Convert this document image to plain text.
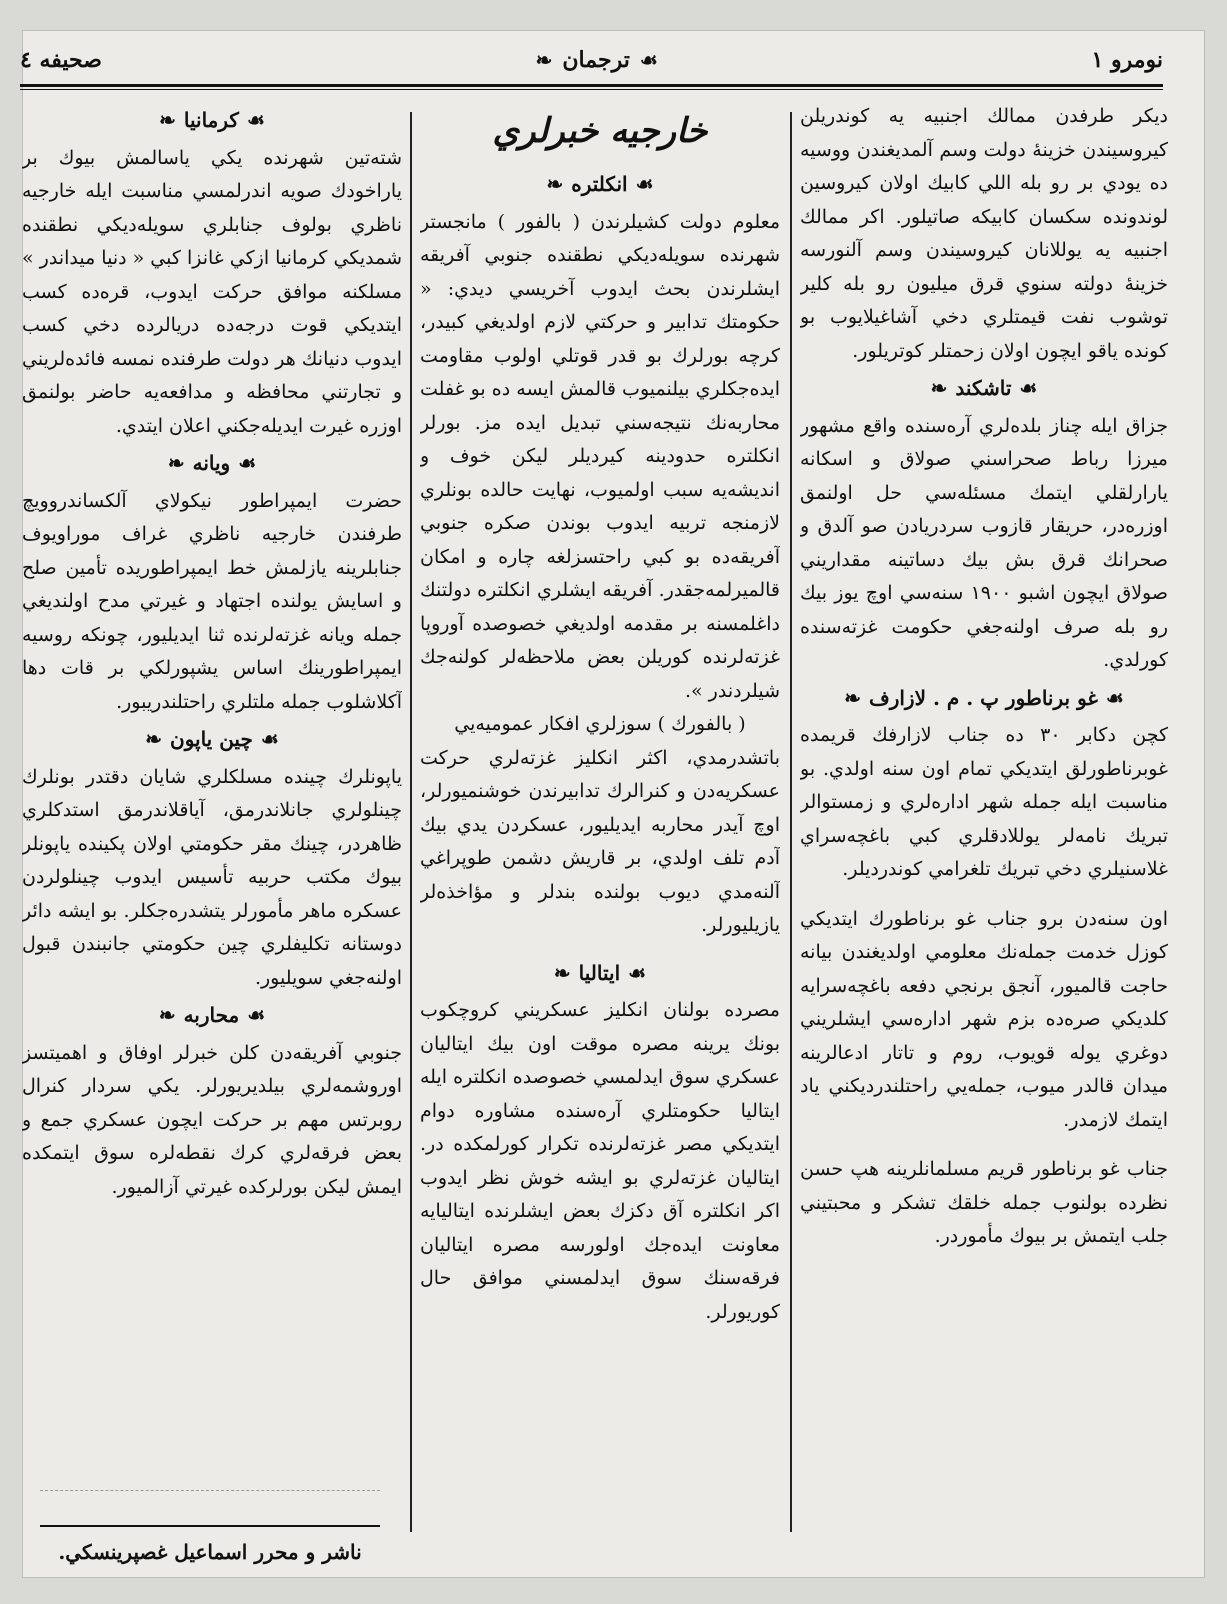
نومرو ١
☙
ترجمان
❧
صحيفه ٤

ديكر طرفدن ممالك اجنبيه يه كوندريلن كيروسيندن خزينهٔ دولت وسم آلمديغندن ووسيه ده يودي بر رو بله اللي كابيك اولان كيروسين لوندونده سكسان كابيكه صاتيلور. اكر ممالك اجنبيه يه يوللانان كيروسيندن وسم آلنورسه خزينهٔ دولته سنوي قرق ميليون رو بله كلير توشوب نفت قيمتلري دخي آشاغيلايوب بو كونده ياقو ايچون اولان زحمتلر كوتريلور.

☙
تاشكند
❧

جزاق ايله چناز بلده‌لري آره‌سنده واقع مشهور ميرزا رباط صحراسني صولاق و اسكانه يارارلقلي ايتمك مسئله‌سي حل اولنمق اوزره‌در، حريقار قازوب سردريادن صو آلدق و صحرانك قرق بش بيك دساتينه مقداريني صولاق ايچون اشبو ١٩٠٠ سنه‌سي اوچ يوز بيك رو بله صرف اولنه‌جغي حكومت غزته‌سنده كورلدي.

☙
غو برناطور پ . م . لازارف
❧

كچن دكابر ٣٠ ده جناب لازارفك قريمده غوبرناطورلق ايتديكي تمام اون سنه اولدي. بو مناسبت ايله جمله شهر اداره‌لري و زمستوالر تبريك نامه‌لر يوللادقلري كبي باغچه‌سراي غلاسنيلري دخي تبريك تلغرامي كوندرديلر.

اون سنه‌دن برو جناب غو برناطورك ايتديكي كوزل خدمت جمله‌نك معلومي اولديغندن بيانه حاجت قالميور، آنجق برنجي دفعه باغچه‌سرايه كلديكي صره‌ده بزم شهر اداره‌سي ايشلريني دوغري يوله قويوب، روم و تاتار ادعالرينه ميدان قالدر ميوب، جمله‌يي راحتلندرديكني ياد ايتمك لازمدر.

جناب غو برناطور قريم مسلمانلرينه هپ حسن نظرده بولنوب جمله خلقك تشكر و محبتيني جلب ايتمش بر بيوك مأموردر.

خارجيه خبرلري
☙
انكلتره
❧

معلوم دولت كشيلرندن ( بالفور ) مانجستر شهرنده سويله‌ديكي نطقنده جنوبي آفريقه ايشلرندن بحث ايدوب آخريسي ديدي: « حكومتك تدابير و حركتي لازم اولديغي كبيدر، كرچه بورلرك بو قدر قوتلي اولوب مقاومت ايده‌جكلري بيلنميوب قالمش ايسه ده بو غفلت محاربه‌نك نتيجه‌سني تبديل ايده مز. بورلر انكلتره حدودينه كيرديلر ليكن خوف و انديشه‌يه سبب اولميوب، نهايت حالده بونلري لازمنجه تربيه ايدوب بوندن صكره جنوبي آفريقه‌ده بو كبي راحتسزلغه چاره و امكان قالميرلمه‌جقدر. آفريقه ايشلري انكلتره دولتنك داغلمسنه بر مقدمه اولديغي خصوصده آوروپا غزته‌لرنده كوريلن بعض ملاحظه‌لر كولنه‌جك شيلردندر ».

( بالفورك ) سوزلري افكار عموميه‌يي

باتشدرمدي، اكثر انكليز غزته‌لري حركت عسكريه‌دن و كنرالرك تدابيرندن خوشنميورلر، اوچ آيدر محاربه ايديليور، عسكردن يدي بيك آدم تلف اولدي، بر قاريش دشمن طوپراغي آلنه‌مدي ديوب بولنده بندلر و مؤاخذه‌لر يازيليورلر.

☙
ايتاليا
❧

مصرده بولنان انكليز عسكريني كروچكوب بونك يرينه مصره موقت اون بيك ايتاليان عسكري سوق ايدلمسي خصوصده انكلتره ايله ايتاليا حكومتلري آره‌سنده مشاوره دوام ايتديكي مصر غزته‌لرنده تكرار كورلمكده در. ايتاليان غزته‌لري بو ايشه خوش نظر ايدوب اكر انكلتره آق دكزك بعض ايشلرنده ايتاليايه معاونت ايده‌جك اولورسه مصره ايتاليان فرقه‌سنك سوق ايدلمسني موافق حال كوريورلر.

☙
كرمانيا
❧

شته‌تين شهرنده يكي ياسالمش بيوك بر ياراخودك صويه اندرلمسي مناسبت ايله خارجيه ناظري بولوف جنابلري سويله‌ديكي نطقنده شمديكي كرمانيا ازكي غانزا كبي « دنيا ميداندر » مسلكنه موافق حركت ايدوب، قره‌ده كسب ايتديكي قوت درجه‌ده دريالرده دخي كسب ايدوب دنيانك هر دولت طرفنده نمسه فائده‌لريني و تجارتني محافظه و مدافعه‌يه حاضر بولنمق اوزره غيرت ايديله‌جكني اعلان ايتدي.

☙
ويانه
❧

حضرت ايمپراطور نيكولاي آلكساندروويچ طرفندن خارجيه ناظري غراف موراويوف جنابلرينه يازلمش خط ايمپراطوريده تأمين صلح و اسايش يولنده اجتهاد و غيرتي مدح اولنديغي جمله ويانه غزته‌لرنده ثنا ايديليور، چونكه روسيه ايمپراطورينك اساس يشپورلكي بر قات دها آكلاشلوب جمله ملتلري راحتلندريبور.

☙
چين ياپون
❧

ياپونلرك چينده مسلكلري شايان دقتدر بونلرك چينلولري جانلاندرمق، آياقلاندرمق استدكلري ظاهردر، چينك مقر حكومتي اولان پكينده ياپونلر بيوك مكتب حربيه تأسيس ايدوب چينلولردن عسكره ماهر مأمورلر يتشدره‌جكلر. بو ايشه دائر دوستانه تكليفلري چين حكومتي جانبندن قبول اولنه‌جغي سويليور.

☙
محاربه
❧

جنوبي آفريقه‌دن كلن خبرلر اوفاق و اهميتسز اوروشمه‌لري بيلديريورلر. يكي سردار كنرال روبرتس مهم بر حركت ايچون عسكري جمع و بعض فرقه‌لري كرك نقطه‌لره سوق ايتمكده ايمش ليكن بورلركده غيرتي آزالميور.

ناشر و محرر اسماعيل غصپرينسكي.
